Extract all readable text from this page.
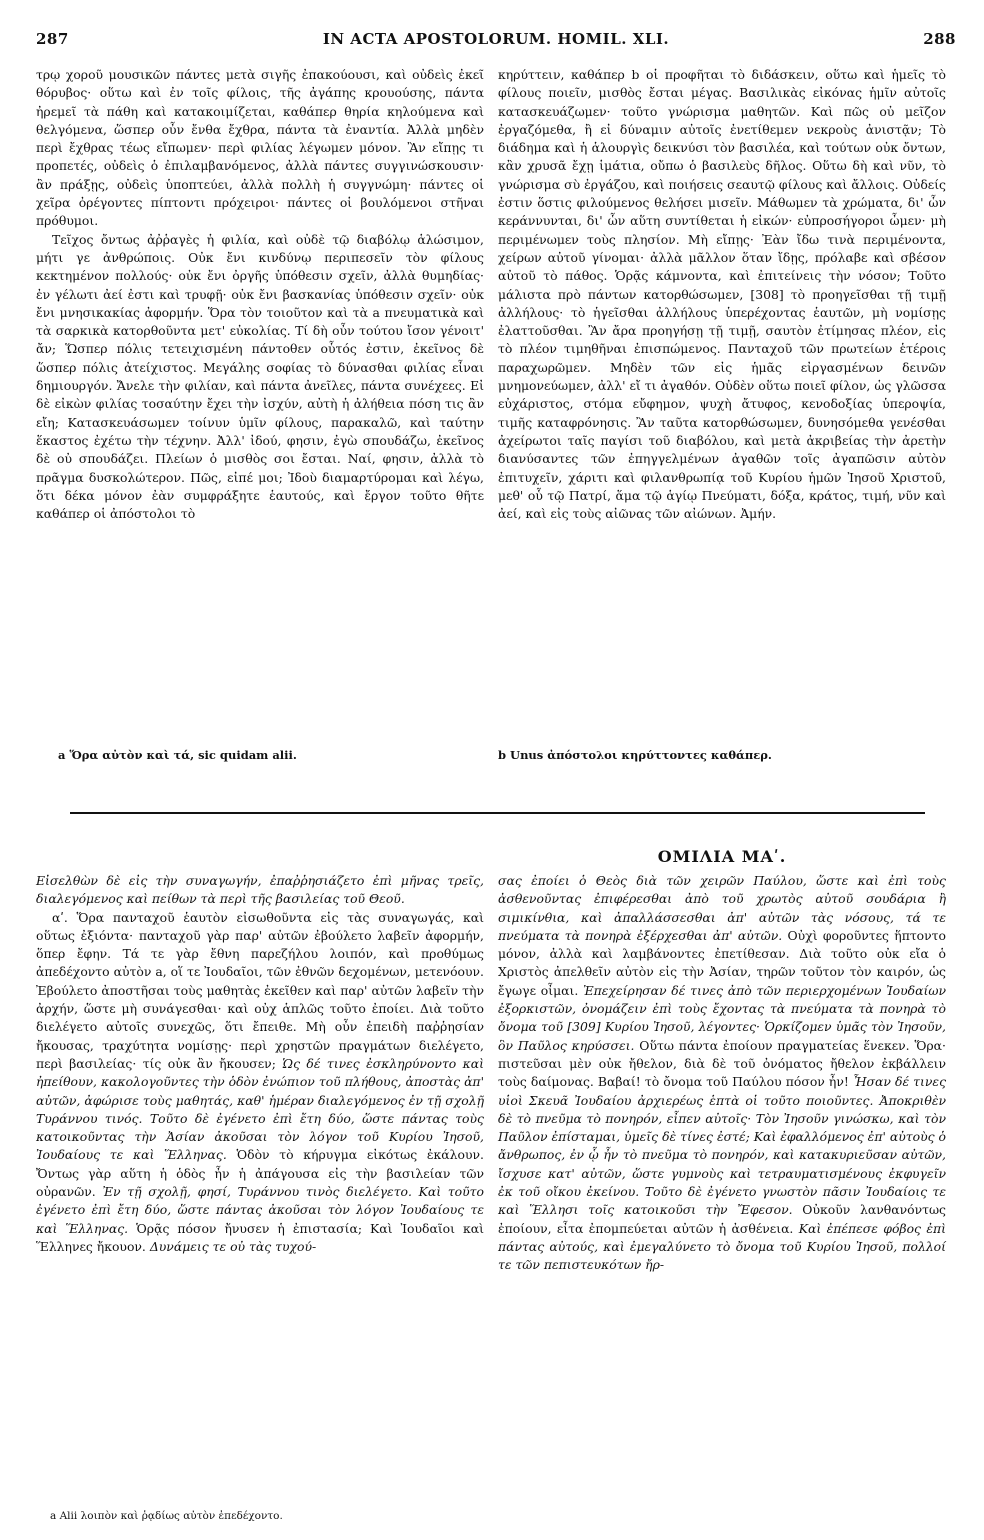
287	IN ACTA APOSTOLORUM. HOMIL. XLI.	288

τρῳ χοροῦ μουσικῶν πάντες μετὰ σιγῆς ἐπακούουσι, καὶ οὐδεὶς ἐκεῖ θόρυβος· οὕτω καὶ ἐν τοῖς φίλοις, τῆς ἀγάπης κρουούσης, πάντα ἠρεμεῖ τὰ πάθη καὶ κατακοιμίζεται, καθάπερ θηρία κηλούμενα καὶ θελγόμενα, ὥσπερ οὖν ἔνθα ἔχθρα, πάντα τὰ ἐναντία. Ἀλλὰ μηδὲν περὶ ἔχθρας τέως εἴπωμεν· περὶ φιλίας λέγωμεν μόνον. Ἂν εἴπῃς τι προπετές, οὐδεὶς ὁ ἐπιλαμβανόμενος, ἀλλὰ πάντες συγγινώσκουσιν· ἂν πράξῃς, οὐδεὶς ὑποπτεύει, ἀλλὰ πολλὴ ἡ συγγνώμη· πάντες οἱ χεῖρα ὀρέγοντες πίπτοντι πρόχειροι· πάντες οἱ βουλόμενοι στῆναι πρόθυμοι.

Τεῖχος ὄντως ἀῤῥαγὲς ἡ φιλία, καὶ οὐδὲ τῷ διαβόλῳ ἁλώσιμον, μήτι γε ἀνθρώποις. Οὐκ ἔνι κινδύνῳ περιπεσεῖν τὸν φίλους κεκτημένον πολλούς· οὐκ ἔνι ὀργῆς ὑπόθεσιν σχεῖν, ἀλλὰ θυμηδίας· ἐν γέλωτι ἀεί ἐστι καὶ τρυφῇ· οὐκ ἔνι βασκανίας ὑπόθεσιν σχεῖν· οὐκ ἔνι μνησικακίας ἀφορμήν. Ὅρα τὸν τοιοῦτον καὶ τὰ a πνευματικὰ καὶ τὰ σαρκικὰ κατορθοῦντα μετ' εὐκολίας. Τί δὴ οὖν τούτου ἴσον γένοιτ' ἄν; Ὥσπερ πόλις τετειχισμένη πάντοθεν οὗτός ἐστιν, ἐκεῖνος δὲ ὥσπερ πόλις ἀτείχιστος. Μεγάλης σοφίας τὸ δύνασθαι φιλίας εἶναι δημιουργόν. Ἄνελε τὴν φιλίαν, καὶ πάντα ἀνεῖλες, πάντα συνέχεες. Εἰ δὲ εἰκὼν φιλίας τοσαύτην ἔχει τὴν ἰσχύν, αὐτὴ ἡ ἀλήθεια πόση τις ἂν εἴη; Κατασκευάσωμεν τοίνυν ὑμῖν φίλους, παρακαλῶ, καὶ ταύτην ἕκαστος ἐχέτω τὴν τέχνην. Ἀλλ' ἰδού, φησιν, ἐγὼ σπουδάζω, ἐκεῖνος δὲ οὐ σπουδάζει. Πλείων ὁ μισθὸς σοι ἔσται. Ναί, φησιν, ἀλλὰ τὸ πρᾶγμα δυσκολώτερον. Πῶς, εἰπέ μοι; Ἰδοὺ διαμαρτύρομαι καὶ λέγω, ὅτι δέκα μόνον ἐὰν συμφράξητε ἑαυτούς, καὶ ἔργον τοῦτο θῆτε καθάπερ οἱ ἀπόστολοι τὸ

κηρύττειν, καθάπερ b οἱ προφῆται τὸ διδάσκειν, οὕτω καὶ ἡμεῖς τὸ φίλους ποιεῖν, μισθὸς ἔσται μέγας. Βασιλικὰς εἰκόνας ἡμῖν αὐτοῖς κατασκευάζωμεν· τοῦτο γνώρισμα μαθητῶν. Καὶ πῶς οὐ μεῖζον ἐργαζόμεθα, ἢ εἰ δύναμιν αὐτοῖς ἐνετίθεμεν νεκροὺς ἀνιστᾷν; Τὸ διάδημα καὶ ἡ ἁλουργὶς δεικνύσι τὸν βασιλέα, καὶ τούτων οὐκ ὄντων, κἂν χρυσᾶ ἔχῃ ἱμάτια, οὔπω ὁ βασιλεὺς δῆλος. Οὕτω δὴ καὶ νῦν, τὸ γνώρισμα σὺ ἐργάζου, καὶ ποιήσεις σεαυτῷ φίλους καὶ ἄλλοις. Οὐδείς ἐστιν ὅστις φιλούμενος θελήσει μισεῖν. Μάθωμεν τὰ χρώματα, δι' ὧν κεράννυνται, δι' ὧν αὕτη συντίθεται ἡ εἰκών· εὐπροσήγοροι ὦμεν· μὴ περιμένωμεν τοὺς πλησίον. Μὴ εἴπῃς· Ἐὰν ἴδω τινὰ περιμένοντα, χείρων αὐτοῦ γίνομαι· ἀλλὰ μᾶλλον ὅταν ἴδῃς, πρόλαβε καὶ σβέσον αὐτοῦ τὸ πάθος. Ὁρᾷς κάμνοντα, καὶ ἐπιτείνεις τὴν νόσον; Τοῦτο μάλιστα πρὸ πάντων κατορθώσωμεν, [308] τὸ προηγεῖσθαι τῇ τιμῇ ἀλλήλους· τὸ ἡγεῖσθαι ἀλλήλους ὑπερέχοντας ἑαυτῶν, μὴ νομίσῃς ἐλαττοῦσθαι. Ἂν ἄρα προηγήσῃ τῇ τιμῇ, σαυτὸν ἐτίμησας πλέον, εἰς τὸ πλέον τιμηθῆναι ἐπισπώμενος. Πανταχοῦ τῶν πρωτείων ἑτέροις παραχωρῶμεν. Μηδὲν τῶν εἰς ἡμᾶς εἰργασμένων δεινῶν μνημονεύωμεν, ἀλλ' εἴ τι ἀγαθόν. Οὐδὲν οὕτω ποιεῖ φίλον, ὡς γλῶσσα εὐχάριστος, στόμα εὔφημον, ψυχὴ ἄτυφος, κενοδοξίας ὑπεροψία, τιμῆς καταφρόνησις. Ἂν ταῦτα κατορθώσωμεν, δυνησόμεθα γενέσθαι ἀχείρωτοι ταῖς παγίσι τοῦ διαβόλου, καὶ μετὰ ἀκριβείας τὴν ἀρετὴν διανύσαντες τῶν ἐπηγγελμένων ἀγαθῶν τοῖς ἀγαπῶσιν αὐτὸν ἐπιτυχεῖν, χάριτι καὶ φιλανθρωπίᾳ τοῦ Κυρίου ἡμῶν Ἰησοῦ Χριστοῦ, μεθ' οὗ τῷ Πατρί, ἅμα τῷ ἁγίῳ Πνεύματι, δόξα, κράτος, τιμή, νῦν καὶ ἀεί, καὶ εἰς τοὺς αἰῶνας τῶν αἰώνων. Ἀμήν.

a Ὅρα αὐτὸν καὶ τά, sic quidam alii.	b Unus ἀπόστολοι κηρύττοντες καθάπερ.
ΟΜΙΛΙΑ ΜΑʹ.

Εἰσελθὼν δὲ εἰς τὴν συναγωγήν, ἐπαῤῥησιάζετο ἐπὶ μῆνας τρεῖς, διαλεγόμενος καὶ πείθων τὰ περὶ τῆς βασιλείας τοῦ Θεοῦ.

αʹ. Ὅρα πανταχοῦ ἑαυτὸν εἰσωθοῦντα εἰς τὰς συναγωγάς, καὶ οὕτως ἐξιόντα· πανταχοῦ γὰρ παρ' αὐτῶν ἐβούλετο λαβεῖν ἀφορμήν, ὅπερ ἔφην. Τά τε γὰρ ἔθνη παρεζήλου λοιπόν, καὶ προθύμως ἀπεδέχοντο αὐτὸν a, οἵ τε Ἰουδαῖοι, τῶν ἐθνῶν δεχομένων, μετενόουν. Ἐβούλετο ἀποστῆσαι τοὺς μαθητὰς ἐκεῖθεν καὶ παρ' αὐτῶν λαβεῖν τὴν ἀρχήν, ὥστε μὴ συνάγεσθαι· καὶ οὐχ ἁπλῶς τοῦτο ἐποίει. Διὰ τοῦτο διελέγετο αὐτοῖς συνεχῶς, ὅτι ἔπειθε. Μὴ οὖν ἐπειδὴ παῤῥησίαν ἤκουσας, τραχύτητα νομίσῃς· περὶ χρηστῶν πραγμάτων διελέγετο, περὶ βασιλείας· τίς οὐκ ἂν ἤκουσεν; Ὡς δέ τινες ἐσκληρύνοντο καὶ ἠπείθουν, κακολογοῦντες τὴν ὁδὸν ἐνώπιον τοῦ πλήθους, ἀποστὰς ἀπ' αὐτῶν, ἀφώρισε τοὺς μαθητάς, καθ' ἡμέραν διαλεγόμενος ἐν τῇ σχολῇ Τυράννου τινός. Τοῦτο δὲ ἐγένετο ἐπὶ ἔτη δύο, ὥστε πάντας τοὺς κατοικοῦντας τὴν Ἀσίαν ἀκοῦσαι τὸν λόγον τοῦ Κυρίου Ἰησοῦ, Ἰουδαίους τε καὶ Ἕλληνας. Ὁδὸν τὸ κήρυγμα εἰκότως ἐκάλουν. Ὄντως γὰρ αὕτη ἡ ὁδὸς ἦν ἡ ἀπάγουσα εἰς τὴν βασιλείαν τῶν οὐρανῶν. Ἐν τῇ σχολῇ, φησί, Τυράννου τινὸς διελέγετο. Καὶ τοῦτο ἐγένετο ἐπὶ ἔτη δύο, ὥστε πάντας ἀκοῦσαι τὸν λόγον Ἰουδαίους τε καὶ Ἕλληνας. Ὁρᾷς πόσον ἤνυσεν ἡ ἐπιστασία; Καὶ Ἰουδαῖοι καὶ Ἕλληνες ἤκουον. Δυνάμεις τε οὐ τὰς τυχού-

σας ἐποίει ὁ Θεὸς διὰ τῶν χειρῶν Παύλου, ὥστε καὶ ἐπὶ τοὺς ἀσθενοῦντας ἐπιφέρεσθαι ἀπὸ τοῦ χρωτὸς αὐτοῦ σουδάρια ἢ σιμικίνθια, καὶ ἀπαλλάσσεσθαι ἀπ' αὐτῶν τὰς νόσους, τά τε πνεύματα τὰ πονηρὰ ἐξέρχεσθαι ἀπ' αὐτῶν. Οὐχὶ φοροῦντες ἥπτοντο μόνον, ἀλλὰ καὶ λαμβάνοντες ἐπετίθεσαν. Διὰ τοῦτο οὐκ εἴα ὁ Χριστὸς ἀπελθεῖν αὐτὸν εἰς τὴν Ἀσίαν, τηρῶν τοῦτον τὸν καιρόν, ὡς ἔγωγε οἶμαι. Ἐπεχείρησαν δέ τινες ἀπὸ τῶν περιερχομένων Ἰουδαίων ἐξορκιστῶν, ὀνομάζειν ἐπὶ τοὺς ἔχοντας τὰ πνεύματα τὰ πονηρὰ τὸ ὄνομα τοῦ [309] Κυρίου Ἰησοῦ, λέγοντες· Ὁρκίζομεν ὑμᾶς τὸν Ἰησοῦν, ὃν Παῦλος κηρύσσει. Οὕτω πάντα ἐποίουν πραγματείας ἕνεκεν. Ὅρα· πιστεῦσαι μὲν οὐκ ἤθελον, διὰ δὲ τοῦ ὀνόματος ἤθελον ἐκβάλλειν τοὺς δαίμονας. Βαβαί! τὸ ὄνομα τοῦ Παύλου πόσον ἦν! Ἦσαν δέ τινες υἱοὶ Σκευᾶ Ἰουδαίου ἀρχιερέως ἑπτὰ οἱ τοῦτο ποιοῦντες. Ἀποκριθὲν δὲ τὸ πνεῦμα τὸ πονηρόν, εἶπεν αὐτοῖς· Τὸν Ἰησοῦν γινώσκω, καὶ τὸν Παῦλον ἐπίσταμαι, ὑμεῖς δὲ τίνες ἐστέ; Καὶ ἐφαλλόμενος ἐπ' αὐτοὺς ὁ ἄνθρωπος, ἐν ᾧ ἦν τὸ πνεῦμα τὸ πονηρόν, καὶ κατακυριεῦσαν αὐτῶν, ἴσχυσε κατ' αὐτῶν, ὥστε γυμνοὺς καὶ τετραυματισμένους ἐκφυγεῖν ἐκ τοῦ οἴκου ἐκείνου. Τοῦτο δὲ ἐγένετο γνωστὸν πᾶσιν Ἰουδαίοις τε καὶ Ἕλλησι τοῖς κατοικοῦσι τὴν Ἔφεσον. Οὐκοῦν λανθανόντως ἐποίουν, εἶτα ἐπομπεύεται αὐτῶν ἡ ἀσθένεια. Καὶ ἐπέπεσε φόβος ἐπὶ πάντας αὐτούς, καὶ ἐμεγαλύνετο τὸ ὄνομα τοῦ Κυρίου Ἰησοῦ, πολλοί τε τῶν πεπιστευκότων ἤρ-

a Alii λοιπὸν καὶ ῥᾳδίως αὐτὸν ἐπεδέχοντο.
